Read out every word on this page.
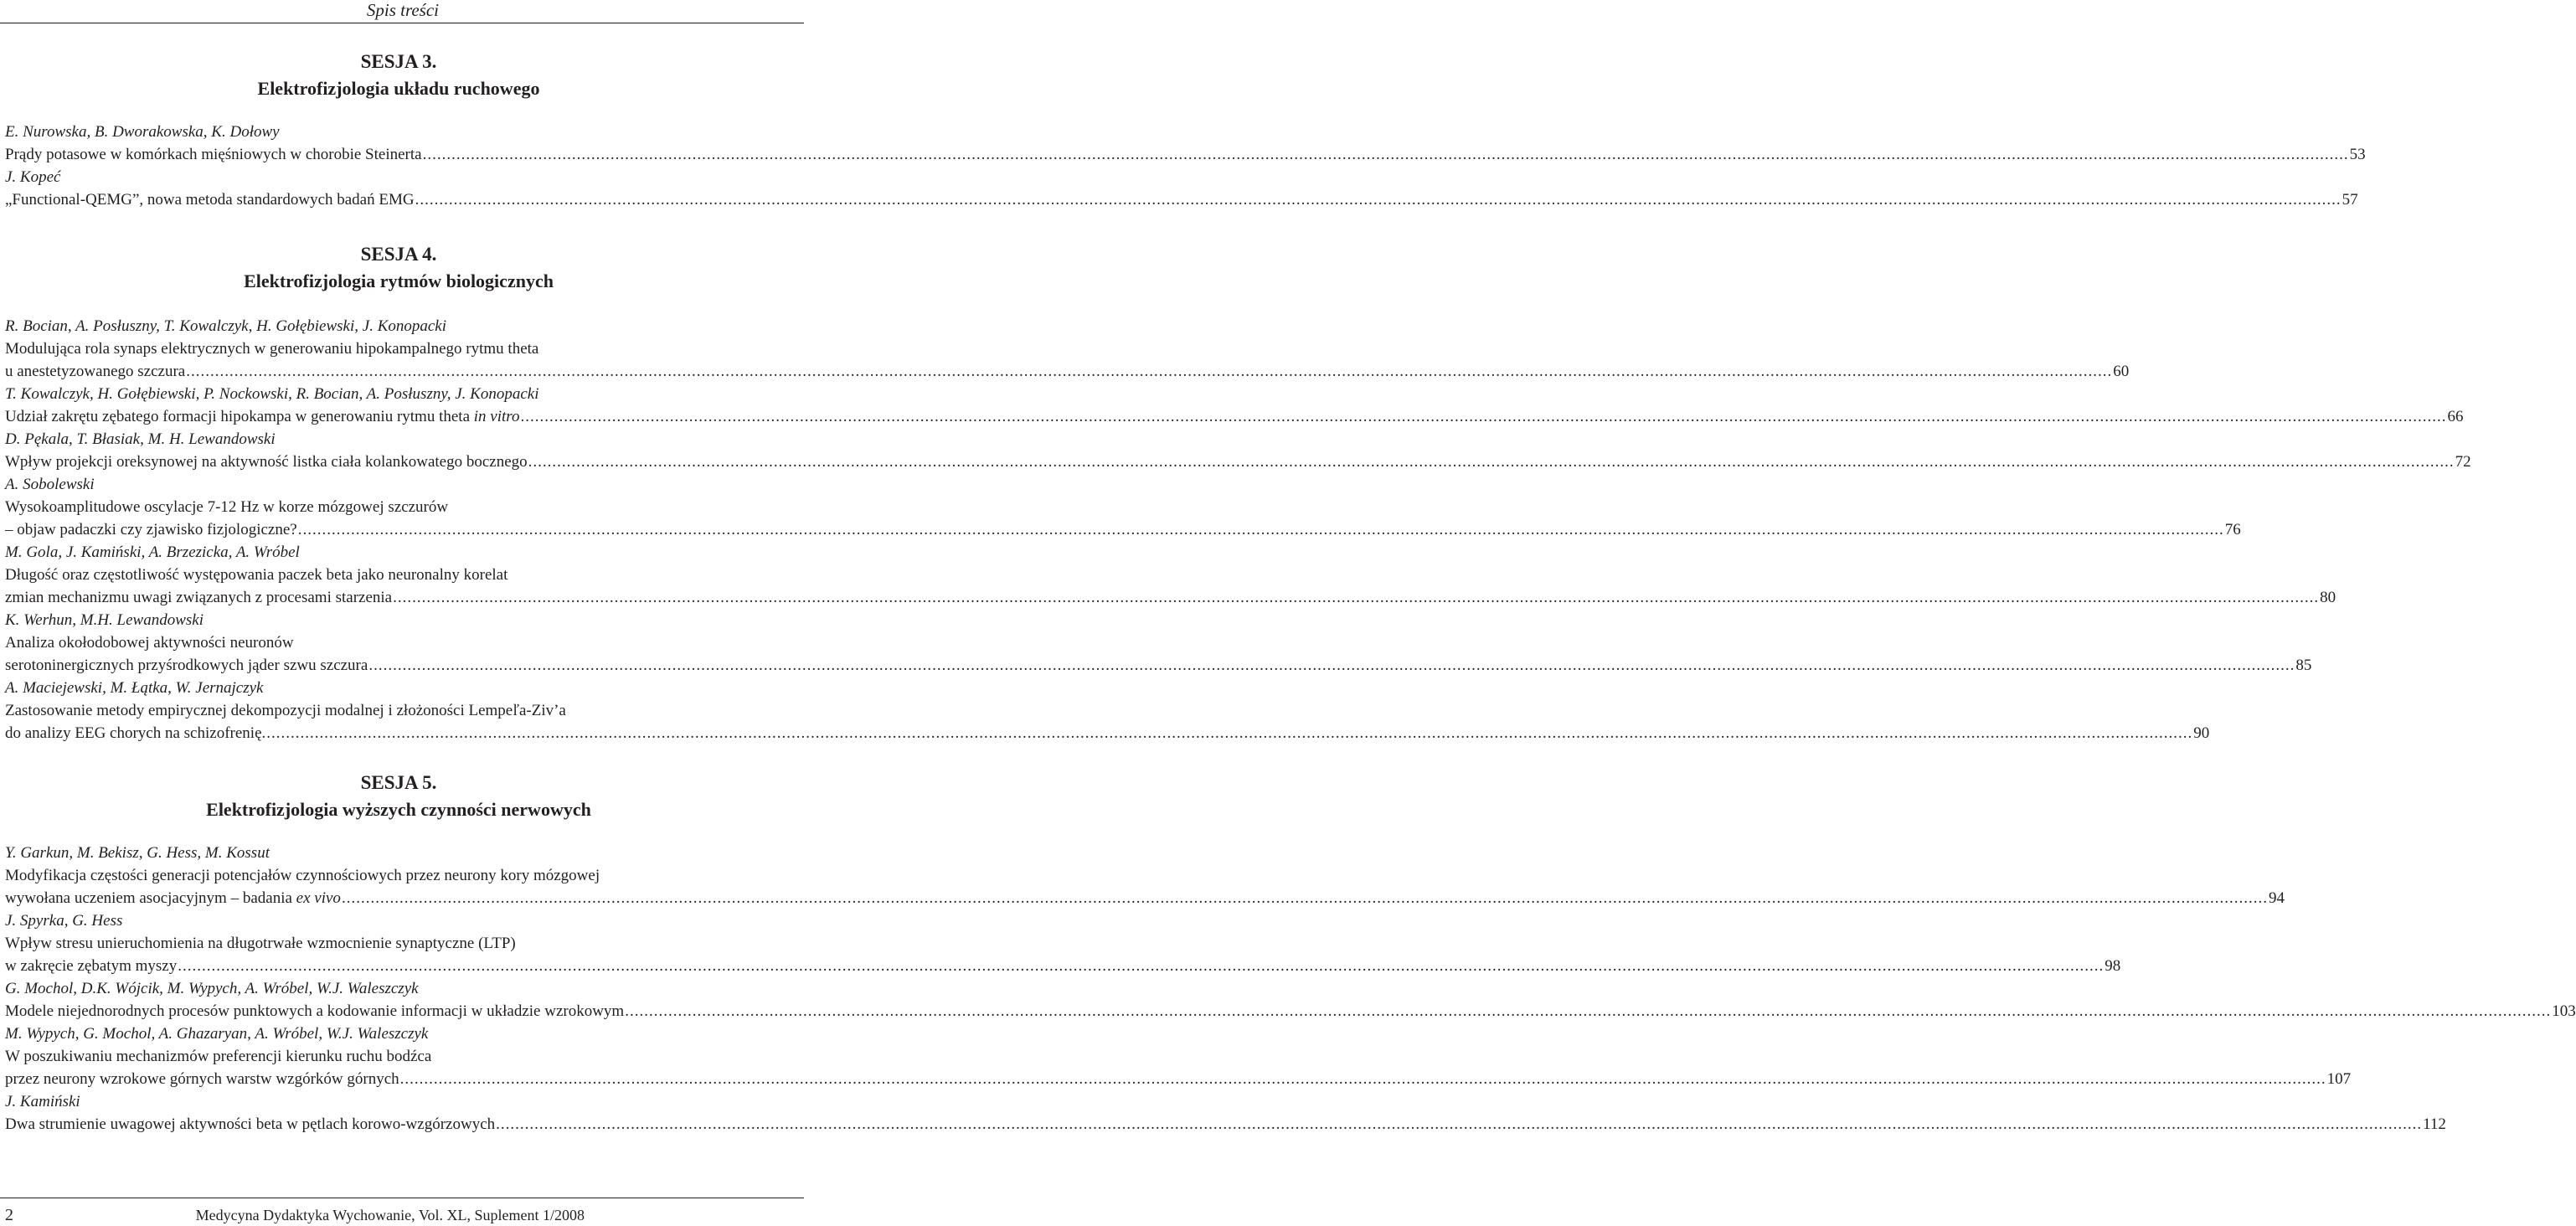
Spis treści
SESJA 3.
Elektrofizjologia układu ruchowego
E. Nurowska, B. Dworakowska, K. Dołowy
Prądy potasowe w komórkach mięśniowych w chorobie Steinerta ................................................................................................................................................................................................................................................................................................................................................................................................................ 53
J. Kopeć
„Functional-QEMG”, nowa metoda standardowych badań EMG ................................................................................................................................................................................................................................................................................................................................................................................................................ 57
SESJA 4.
Elektrofizjologia rytmów biologicznych
R. Bocian, A. Posłuszny, T. Kowalczyk, H. Gołębiewski, J. Konopacki
Modulująca rola synaps elektrycznych w generowaniu hipokampalnego rytmu theta
u anestetyzowanego szczura ................................................................................................................................................................................................................................................................................................................................................................................................................ 60
T. Kowalczyk, H. Gołębiewski, P. Nockowski, R. Bocian, A. Posłuszny, J. Konopacki
Udział zakrętu zębatego formacji hipokampa w generowaniu rytmu theta in vitro ................................................................................................................................................................................................................................................................................................................................................................................................................ 66
D. Pękala, T. Błasiak, M. H. Lewandowski
Wpływ projekcji oreksynowej na aktywność listka ciała kolankowatego bocznego ................................................................................................................................................................................................................................................................................................................................................................................................................ 72
A. Sobolewski
Wysokoamplitudowe oscylacje 7-12 Hz w korze mózgowej szczurów
– objaw padaczki czy zjawisko fizjologiczne? ................................................................................................................................................................................................................................................................................................................................................................................................................ 76
M. Gola, J. Kamiński, A. Brzezicka, A. Wróbel
Długość oraz częstotliwość występowania paczek beta jako neuronalny korelat
zmian mechanizmu uwagi związanych z procesami starzenia ................................................................................................................................................................................................................................................................................................................................................................................................................ 80
K. Werhun, M.H. Lewandowski
Analiza okołodobowej aktywności neuronów
serotoninergicznych przyśrodkowych jąder szwu szczura ................................................................................................................................................................................................................................................................................................................................................................................................................ 85
A. Maciejewski, M. Łątka, W. Jernajczyk
Zastosowanie metody empirycznej dekompozycji modalnej i złożoności Lempeľa-Ziv’a
do analizy EEG chorych na schizofrenię. ................................................................................................................................................................................................................................................................................................................................................................................................................ 90
SESJA 5.
Elektrofizjologia wyższych czynności nerwowych
Y. Garkun, M. Bekisz, G. Hess, M. Kossut
Modyfikacja częstości generacji potencjałów czynnościowych przez neurony kory mózgowej
wywołana uczeniem asocjacyjnym – badania ex vivo ................................................................................................................................................................................................................................................................................................................................................................................................................ 94
J. Spyrka, G. Hess
Wpływ stresu unieruchomienia na długotrwałe wzmocnienie synaptyczne (LTP)
w zakręcie zębatym myszy ................................................................................................................................................................................................................................................................................................................................................................................................................ 98
G. Mochol, D.K. Wójcik, M. Wypych, A. Wróbel, W.J. Waleszczyk
Modele niejednorodnych procesów punktowych a kodowanie informacji w układzie wzrokowym ................................................................................................................................................................................................................................................................................................................................................................................................................ 103
M. Wypych, G. Mochol, A. Ghazaryan, A. Wróbel, W.J. Waleszczyk
W poszukiwaniu mechanizmów preferencji kierunku ruchu bodźca
przez neurony wzrokowe górnych warstw wzgórków górnych ................................................................................................................................................................................................................................................................................................................................................................................................................ 107
J. Kamiński
Dwa strumienie uwagowej aktywności beta w pętlach korowo-wzgórzowych ................................................................................................................................................................................................................................................................................................................................................................................................................ 112
2	Medycyna Dydaktyka Wychowanie, Vol. XL, Suplement 1/2008
